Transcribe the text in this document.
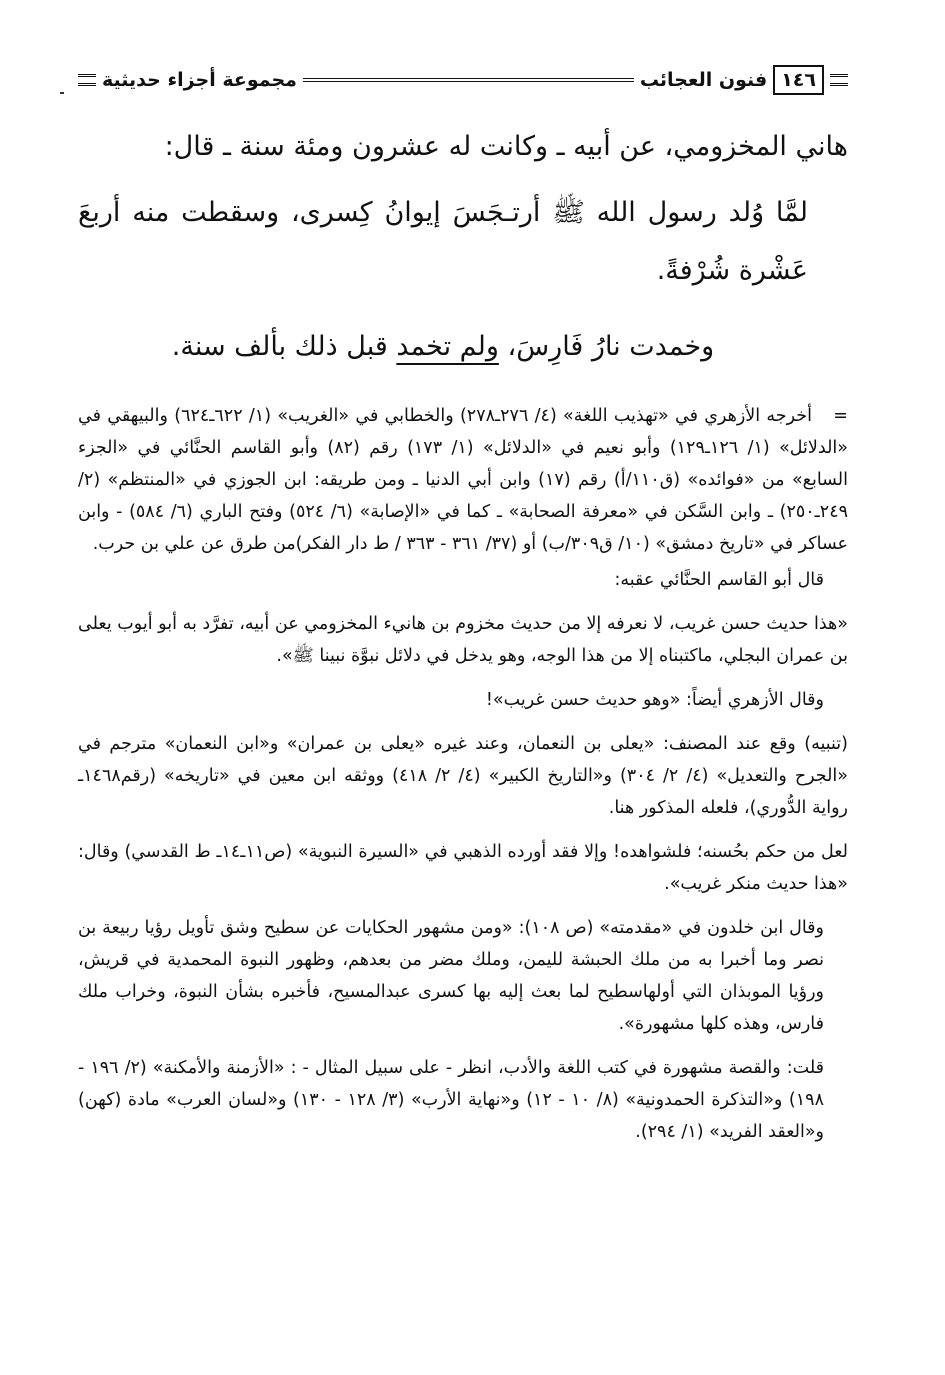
١٤٦
فنون العجائب
مجموعة أجزاء حديثية

هاني المخزومي، عن أبيه ـ وكانت له عشرون ومئة سنة ـ قال:

لمَّا وُلد رسول الله ﷺ أرتـجَسَ إيوانُ كِسرى، وسقطت منه أربعَ عَشْرة شُرْفةً.

وخمدت نارُ فَارِسَ، ولم تخمد قبل ذلك بألف سنة.

=أخرجه الأزهري في «تهذيب اللغة» (٤/ ٢٧٦ـ٢٧٨) والخطابي في «الغريب» (١/ ٦٢٢ـ٦٢٤) والبيهقي في «الدلائل» (١/ ١٢٦ـ١٢٩) وأبو نعيم في «الدلائل» (١/ ١٧٣) رقم (٨٢) وأبو القاسم الحنَّائي في «الجزء السابع» من «فوائده» (ق١١٠/أ) رقم (١٧) وابن أبي الدنيا ـ ومن طريقه: ابن الجوزي في «المنتظم» (٢/ ٢٤٩ـ٢٥٠) ـ وابن السَّكن في «معرفة الصحابة» ـ كما في «الإصابة» (٦/ ٥٢٤) وفتح الباري (٦/ ٥٨٤) - وابن عساكر في «تاريخ دمشق» (١٠/ ق٣٠٩/ب) أو (٣٧/ ٣٦١ - ٣٦٣ / ط دار الفكر)من طرق عن علي بن حرب.

قال أبو القاسم الحنَّائي عقبه:

«هذا حديث حسن غريب، لا نعرفه إلا من حديث مخزوم بن هانيء المخزومي عن أبيه، تفرَّد به أبو أيوب يعلى بن عمران البجلي، ماكتبناه إلا من هذا الوجه، وهو يدخل في دلائل نبوَّة نبينا ﷺ».

وقال الأزهري أيضاً: «وهو حديث حسن غريب»!

(تنبيه) وقع عند المصنف: «يعلى بن النعمان، وعند غيره «يعلى بن عمران» و«ابن النعمان» مترجم في «الجرح والتعديل» (٤/ ٢/ ٣٠٤) و«التاريخ الكبير» (٤/ ٢/ ٤١٨) ووثقه ابن معين في «تاريخه» (رقم١٤٦٨ـ رواية الدُّوري)، فلعله المذكور هنا.

لعل من حكم بحُسنه؛ فلشواهده! وإلا فقد أورده الذهبي في «السيرة النبوية» (ص١١ـ١٤ـ ط القدسي) وقال: «هذا حديث منكر غريب».

وقال ابن خلدون في «مقدمته» (ص ١٠٨): «ومن مشهور الحكايات عن سطيح وشق تأويل رؤيا ربيعة بن نصر وما أخبرا به من ملك الحبشة لليمن، وملك مضر من بعدهم، وظهور النبوة المحمدية في قريش، ورؤيا الموبذان التي أولهاسطيح لما بعث إليه بها كسرى عبدالمسيح، فأخبره بشأن النبوة، وخراب ملك فارس، وهذه كلها مشهورة».

قلت: والقصة مشهورة في كتب اللغة والأدب، انظر - على سبيل المثال - : «الأزمنة والأمكنة» (٢/ ١٩٦ - ١٩٨) و«التذكرة الحمدونية» (٨/ ١٠ - ١٢) و«نهاية الأرب» (٣/ ١٢٨ - ١٣٠) و«لسان العرب» مادة (كهن) و«العقد الفريد» (١/ ٢٩٤).
